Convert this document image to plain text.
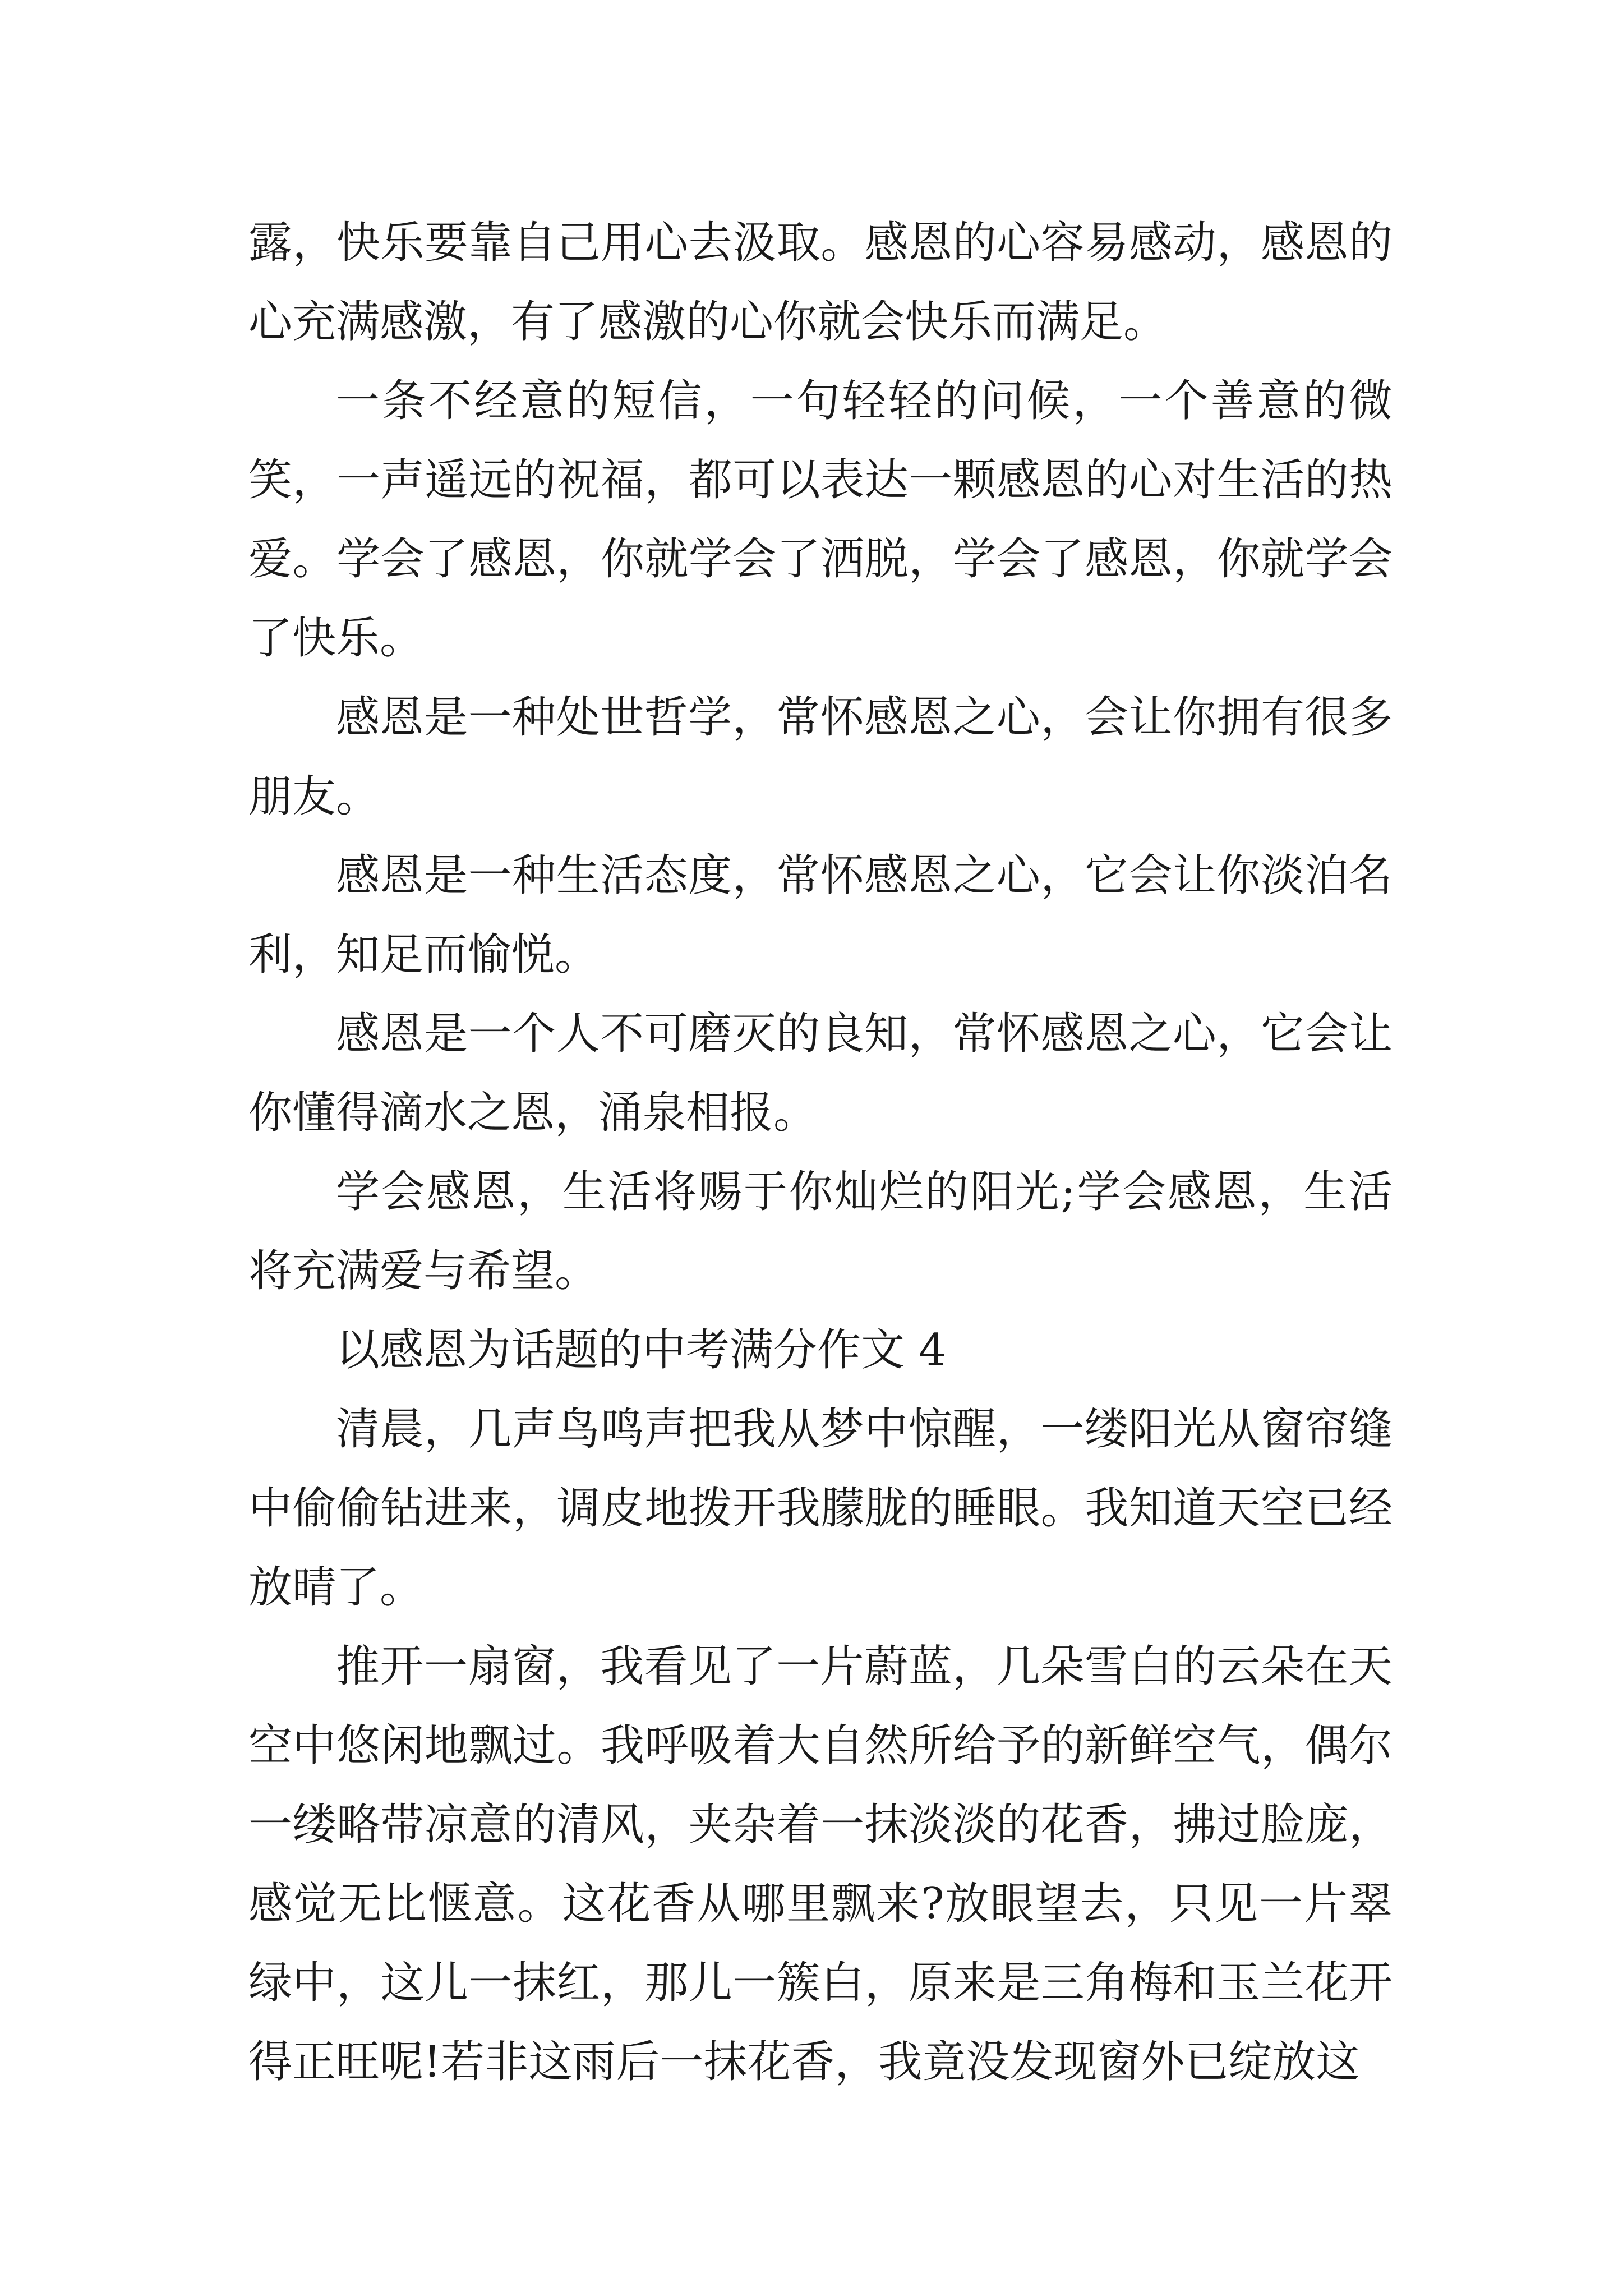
露，快乐要靠自己用心去汲取。感恩的心容易感动，感恩的心充满感激，有了感激的心你就会快乐而满足。

一条不经意的短信，一句轻轻的问候，一个善意的微笑，一声遥远的祝福，都可以表达一颗感恩的心对生活的热爱。学会了感恩，你就学会了洒脱，学会了感恩，你就学会了快乐。

感恩是一种处世哲学，常怀感恩之心，会让你拥有很多朋友。

感恩是一种生活态度，常怀感恩之心，它会让你淡泊名利，知足而愉悦。

感恩是一个人不可磨灭的良知，常怀感恩之心，它会让你懂得滴水之恩，涌泉相报。

学会感恩，生活将赐于你灿烂的阳光;学会感恩，生活将充满爱与希望。

以感恩为话题的中考满分作文 4

清晨，几声鸟鸣声把我从梦中惊醒，一缕阳光从窗帘缝中偷偷钻进来，调皮地拨开我朦胧的睡眼。我知道天空已经放晴了。

推开一扇窗，我看见了一片蔚蓝，几朵雪白的云朵在天空中悠闲地飘过。我呼吸着大自然所给予的新鲜空气，偶尔一缕略带凉意的清风，夹杂着一抹淡淡的花香，拂过脸庞，感觉无比惬意。这花香从哪里飘来?放眼望去，只见一片翠绿中，这儿一抹红，那儿一簇白，原来是三角梅和玉兰花开得正旺呢!若非这雨后一抹花香，我竟没发现窗外已绽放这
